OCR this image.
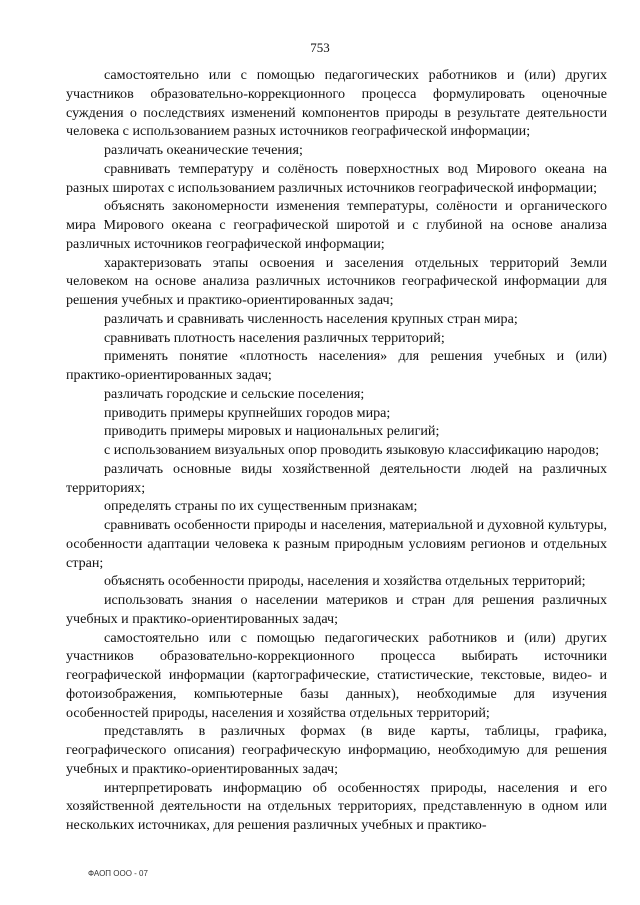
753

самостоятельно или с помощью педагогических работников и (или) других участников образовательно-коррекционного процесса формулировать оценочные суждения о последствиях изменений компонентов природы в результате деятельности человека с использованием разных источников географической информации;

различать океанические течения;

сравнивать температуру и солёность поверхностных вод Мирового океана на разных широтах с использованием различных источников географической информации;

объяснять закономерности изменения температуры, солёности и органического мира Мирового океана с географической широтой и с глубиной на основе анализа различных источников географической информации;

характеризовать этапы освоения и заселения отдельных территорий Земли человеком на основе анализа различных источников географической информации для решения учебных и практико-ориентированных задач;

различать и сравнивать численность населения крупных стран мира;

сравнивать плотность населения различных территорий;

применять понятие «плотность населения» для решения учебных и (или) практико-ориентированных задач;

различать городские и сельские поселения;

приводить примеры крупнейших городов мира;

приводить примеры мировых и национальных религий;

с использованием визуальных опор проводить языковую классификацию народов;

различать основные виды хозяйственной деятельности людей на различных территориях;

определять страны по их существенным признакам;

сравнивать особенности природы и населения, материальной и духовной культуры, особенности адаптации человека к разным природным условиям регионов и отдельных стран;

объяснять особенности природы, населения и хозяйства отдельных территорий;

использовать знания о населении материков и стран для решения различных учебных и практико-ориентированных задач;

самостоятельно или с помощью педагогических работников и (или) других участников образовательно-коррекционного процесса выбирать источники географической информации (картографические, статистические, текстовые, видео- и фотоизображения, компьютерные базы данных), необходимые для изучения особенностей природы, населения и хозяйства отдельных территорий;

представлять в различных формах (в виде карты, таблицы, графика, географического описания) географическую информацию, необходимую для решения учебных и практико-ориентированных задач;

интерпретировать информацию об особенностях природы, населения и его хозяйственной деятельности на отдельных территориях, представленную в одном или нескольких источниках, для решения различных учебных и практико-

ФАОП ООО - 07
